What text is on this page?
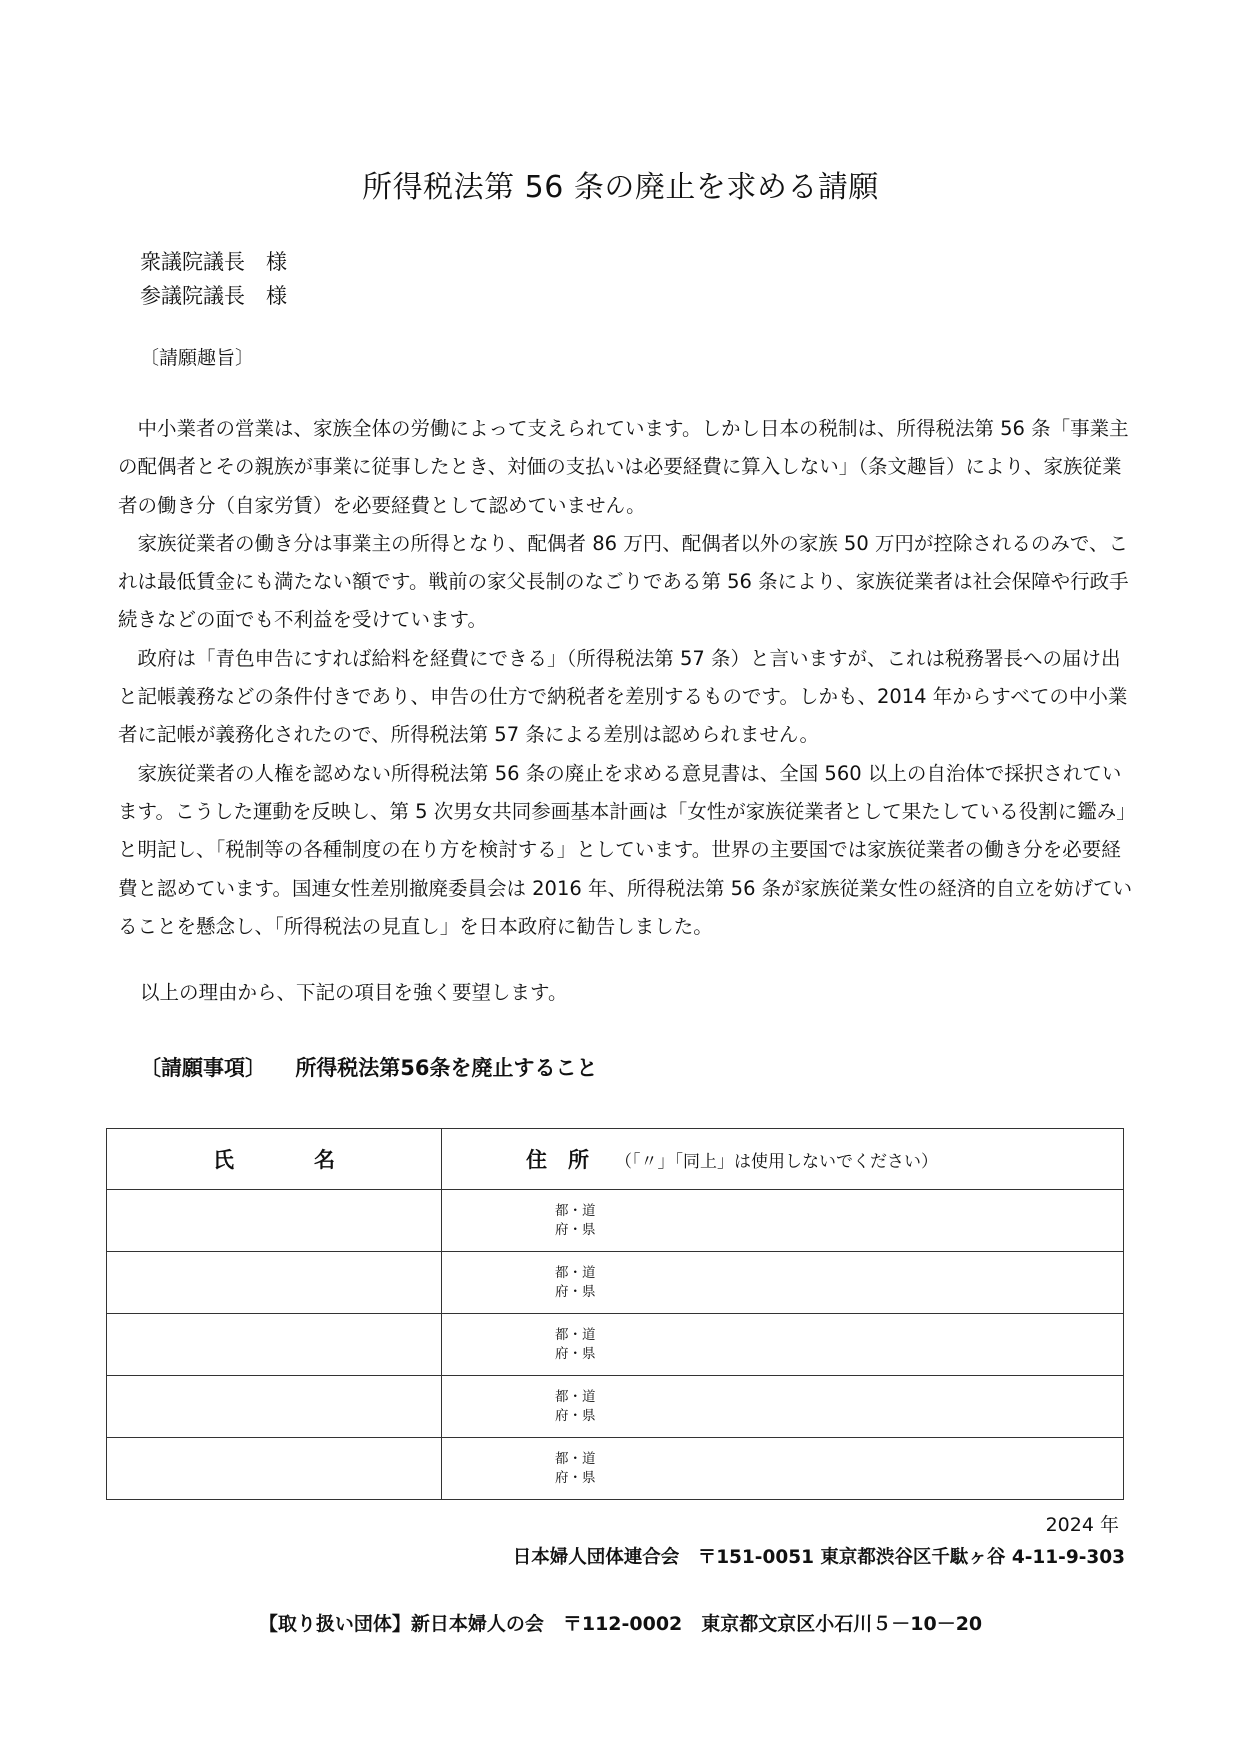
所得税法第 56 条の廃止を求める請願
衆議院議長　様
参議院議長　様
〔請願趣旨〕

中小業者の営業は、家族全体の労働によって支えられています。しかし日本の税制は、所得税法第 56 条「事業主の配偶者とその親族が事業に従事したとき、対価の支払いは必要経費に算入しない」（条文趣旨）により、家族従業者の働き分（自家労賃）を必要経費として認めていません。

家族従業者の働き分は事業主の所得となり、配偶者 86 万円、配偶者以外の家族 50 万円が控除されるのみで、これは最低賃金にも満たない額です。戦前の家父長制のなごりである第 56 条により、家族従業者は社会保障や行政手続きなどの面でも不利益を受けています。

政府は「青色申告にすれば給料を経費にできる」（所得税法第 57 条）と言いますが、これは税務署長への届け出と記帳義務などの条件付きであり、申告の仕方で納税者を差別するものです。しかも、2014 年からすべての中小業者に記帳が義務化されたので、所得税法第 57 条による差別は認められません。

家族従業者の人権を認めない所得税法第 56 条の廃止を求める意見書は、全国 560 以上の自治体で採択されています。こうした運動を反映し、第 5 次男女共同参画基本計画は「女性が家族従業者として果たしている役割に鑑み」と明記し、「税制等の各種制度の在り方を検討する」としています。世界の主要国では家族従業者の働き分を必要経費と認めています。国連女性差別撤廃委員会は 2016 年、所得税法第 56 条が家族従業女性の経済的自立を妨げていることを懸念し、「所得税法の見直し」を日本政府に勧告しました。

以上の理由から、下記の項目を強く要望します。
〔請願事項〕 所得税法第56条を廃止すること
氏 名	住　所 （「〃」「同上」は使用しないでください）

	都・道
府・県

	都・道
府・県

	都・道
府・県

	都・道
府・県

	都・道
府・県
2024 年
日本婦人団体連合会　〒151-0051 東京都渋谷区千駄ヶ谷 4-11-9-303
【取り扱い団体】新日本婦人の会　〒112-0002　東京都文京区小石川５－10－20
